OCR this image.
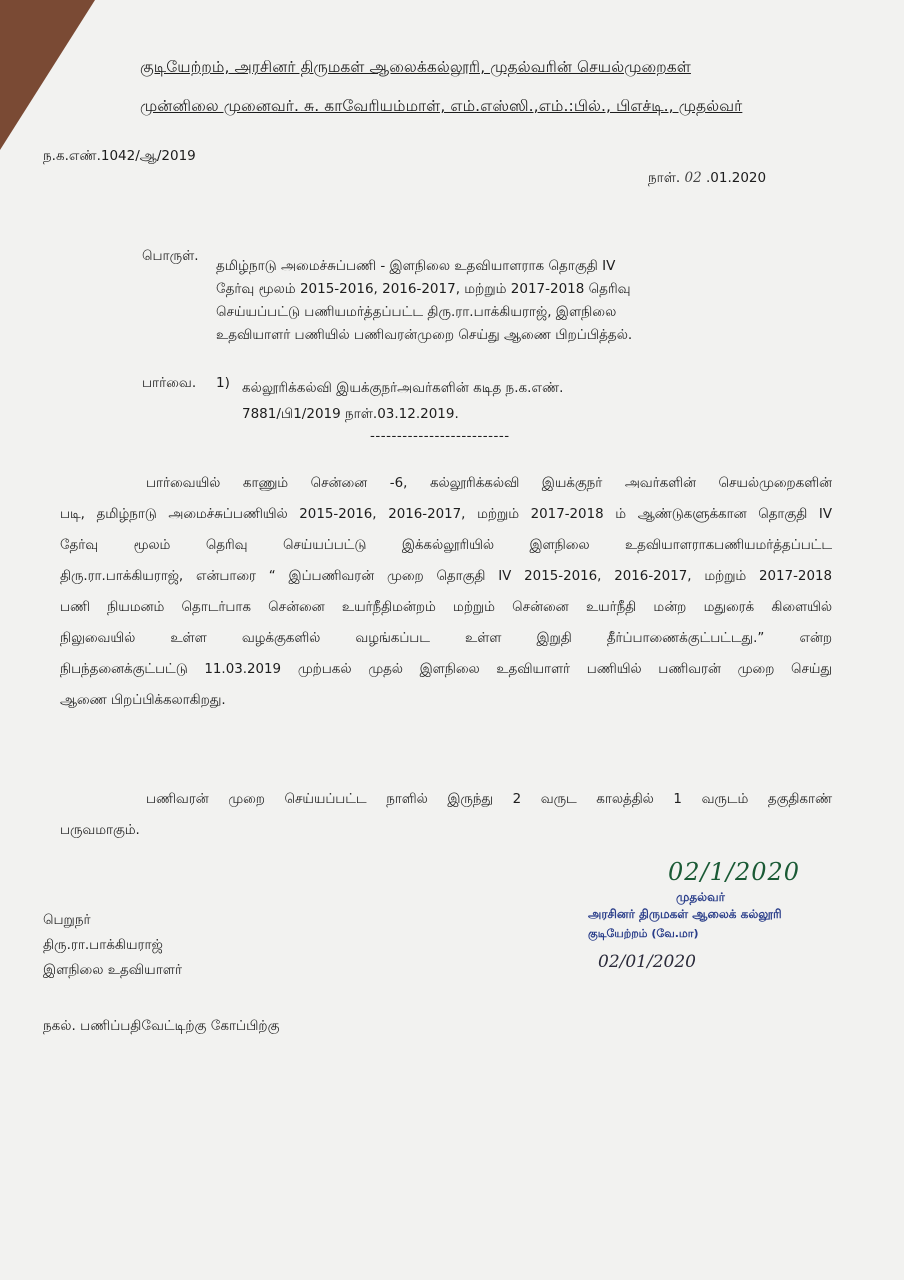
குடியேற்றம், அரசினர் திருமகள் ஆலைக்கல்லூரி, முதல்வரின் செயல்முறைகள்
முன்னிலை முனைவர். சு. காவேரியம்மாள், எம்.எஸ்ஸி.,எம்.:பில்., பிஎச்டி., முதல்வர்
ந.க.எண்.1042/ஆ/2019
நாள். 02 .01.2020
பொருள்.
தமிழ்நாடு அமைச்சுப்பணி - இளநிலை உதவியாளராக தொகுதி IV
தேர்வு மூலம் 2015-2016, 2016-2017, மற்றும் 2017-2018 தெரிவு
செய்யப்பட்டு பணியமர்த்தப்பட்ட திரு.ரா.பாக்கியராஜ், இளநிலை
உதவியாளர் பணியில் பணிவரன்முறை செய்து ஆணை பிறப்பித்தல்.
பார்வை. 1) கல்லூரிக்கல்வி இயக்குநர்அவர்களின் கடித ந.க.எண்.
7881/பி1/2019 நாள்.03.12.2019.
--------------------------
பார்வையில் காணும் சென்னை -6, கல்லூரிக்கல்வி இயக்குநர் அவர்களின் செயல்முறைகளின்
படி, தமிழ்நாடு அமைச்சுப்பணியில் 2015-2016, 2016-2017, மற்றும் 2017-2018 ம் ஆண்டுகளுக்கான தொகுதி IV
தேர்வு மூலம் தெரிவு செய்யப்பட்டு இக்கல்லூரியில் இளநிலை உதவியாளராகபணியமர்த்தப்பட்ட
திரு.ரா.பாக்கியராஜ், என்பாரை “ இப்பணிவரன் முறை தொகுதி IV 2015-2016, 2016-2017, மற்றும் 2017-2018
பணி நியமனம் தொடர்பாக சென்னை உயர்நீதிமன்றம் மற்றும் சென்னை உயர்நீதி மன்ற மதுரைக் கிளையில்
நிலுவையில் உள்ள வழக்குகளில் வழங்கப்பட உள்ள இறுதி தீர்ப்பாணைக்குட்பட்டது.” என்ற
நிபந்தனைக்குட்பட்டு 11.03.2019 முற்பகல் முதல் இளநிலை உதவியாளர் பணியில் பணிவரன் முறை செய்து
ஆணை பிறப்பிக்கலாகிறது.
பணிவரன் முறை செய்யப்பட்ட நாளில் இருந்து 2 வருட காலத்தில் 1 வருடம் தகுதிகாண்
பருவமாகும்.
02/1/2020
முதல்வர்
அரசினர் திருமகள் ஆலைக் கல்லூரி
குடியேற்றம் (வே.மா)
02/01/2020
பெறுநர்
திரு.ரா.பாக்கியராஜ்
இளநிலை உதவியாளர்
நகல். பணிப்பதிவேட்டிற்கு கோப்பிற்கு
